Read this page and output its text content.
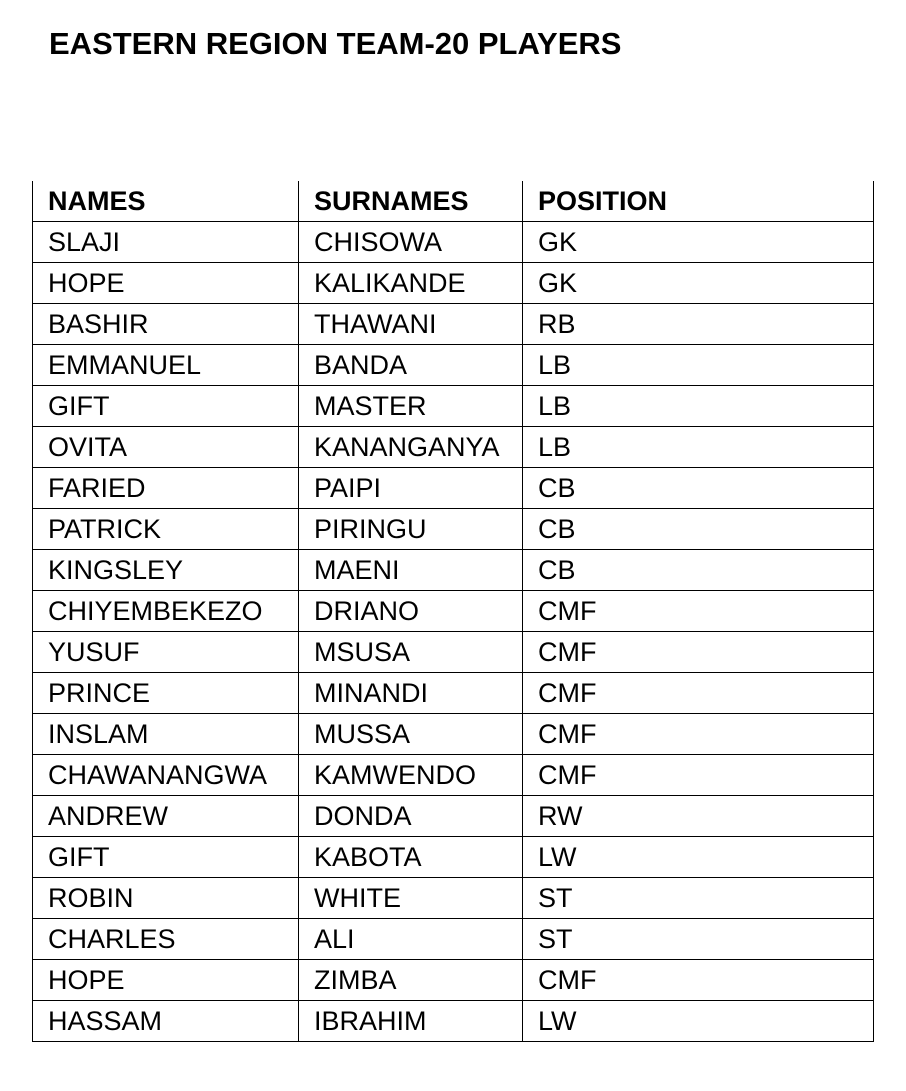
EASTERN REGION TEAM-20 PLAYERS
NAMES	SURNAMES	POSITION
SLAJI	CHISOWA	GK
HOPE	KALIKANDE	GK
BASHIR	THAWANI	RB
EMMANUEL	BANDA	LB
GIFT	MASTER	LB
OVITA	KANANGANYA	LB
FARIED	PAIPI	CB
PATRICK	PIRINGU	CB
KINGSLEY	MAENI	CB
CHIYEMBEKEZO	DRIANO	CMF
YUSUF	MSUSA	CMF
PRINCE	MINANDI	CMF
INSLAM	MUSSA	CMF
CHAWANANGWA	KAMWENDO	CMF
ANDREW	DONDA	RW
GIFT	KABOTA	LW
ROBIN	WHITE	ST
CHARLES	ALI	ST
HOPE	ZIMBA	CMF
HASSAM	IBRAHIM	LW
